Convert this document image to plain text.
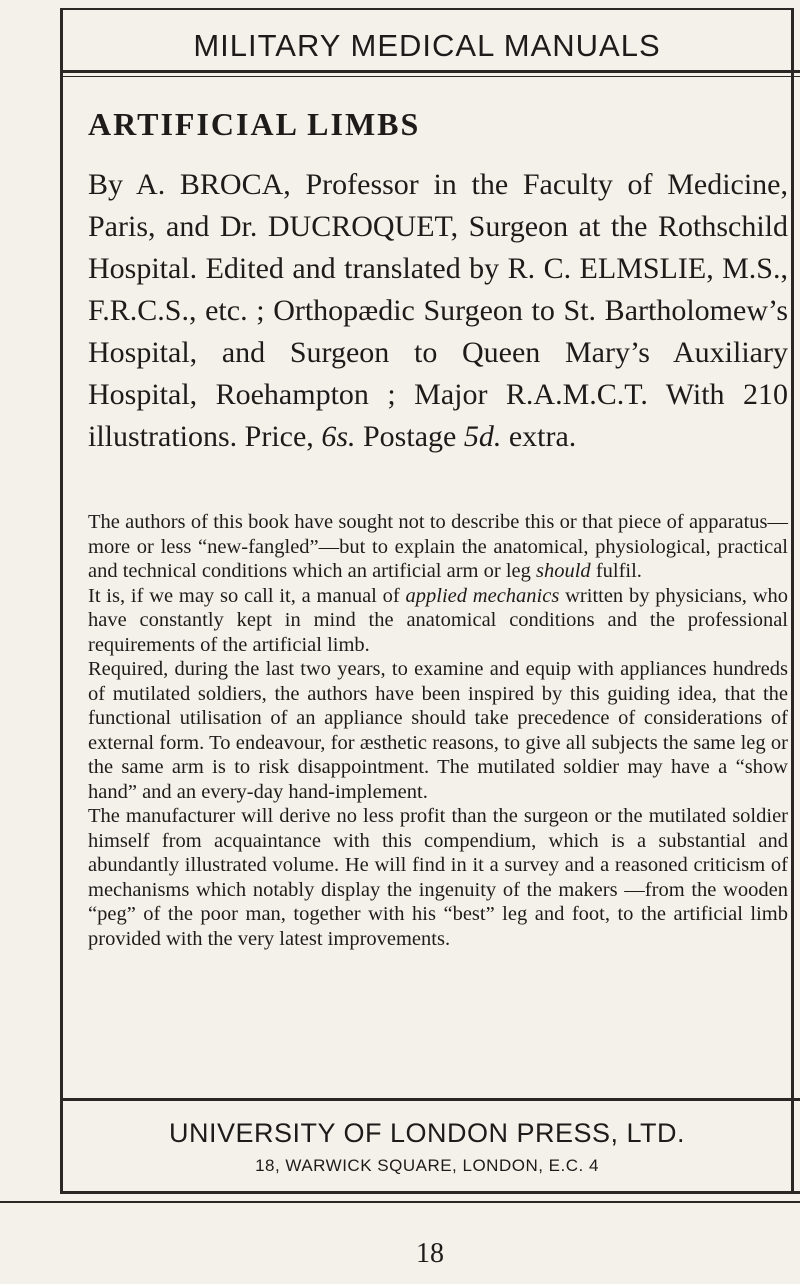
MILITARY MEDICAL MANUALS
ARTIFICIAL LIMBS

By A. BROCA, Professor in the Faculty of Medicine, Paris, and Dr. DUCROQUET, Surgeon at the Rothschild Hospital. Edited and translated by R. C. ELMSLIE, M.S., F.R.C.S., etc. ; Orthopædic Surgeon to St. Bartholomew’s Hospital, and Surgeon to Queen Mary’s Auxiliary Hospital, Roehampton ; Major R.A.M.C.T. With 210 illustrations. Price, 6s. Postage 5d. extra.

The authors of this book have sought not to describe this or that piece of apparatus—more or less “new-fangled”—but to explain the anatomical, physiological, practical and technical conditions which an artificial arm or leg should fulfil.

It is, if we may so call it, a manual of applied mechanics written by physicians, who have constantly kept in mind the anatomical conditions and the professional requirements of the artificial limb.

Required, during the last two years, to examine and equip with appliances hundreds of mutilated soldiers, the authors have been inspired by this guiding idea, that the functional utilisation of an appliance should take precedence of considerations of external form. To endeavour, for æsthetic reasons, to give all subjects the same leg or the same arm is to risk disappointment. The mutilated soldier may have a “show hand” and an every-day hand-implement.

The manufacturer will derive no less profit than the surgeon or the mutilated soldier himself from acquaintance with this compendium, which is a substantial and abundantly illustrated volume. He will find in it a survey and a reasoned criticism of mechanisms which notably display the ingenuity of the makers —from the wooden “peg” of the poor man, together with his “best” leg and foot, to the artificial limb provided with the very latest improvements.

UNIVERSITY OF LONDON PRESS, LTD.

18, WARWICK SQUARE, LONDON, E.C. 4

18
